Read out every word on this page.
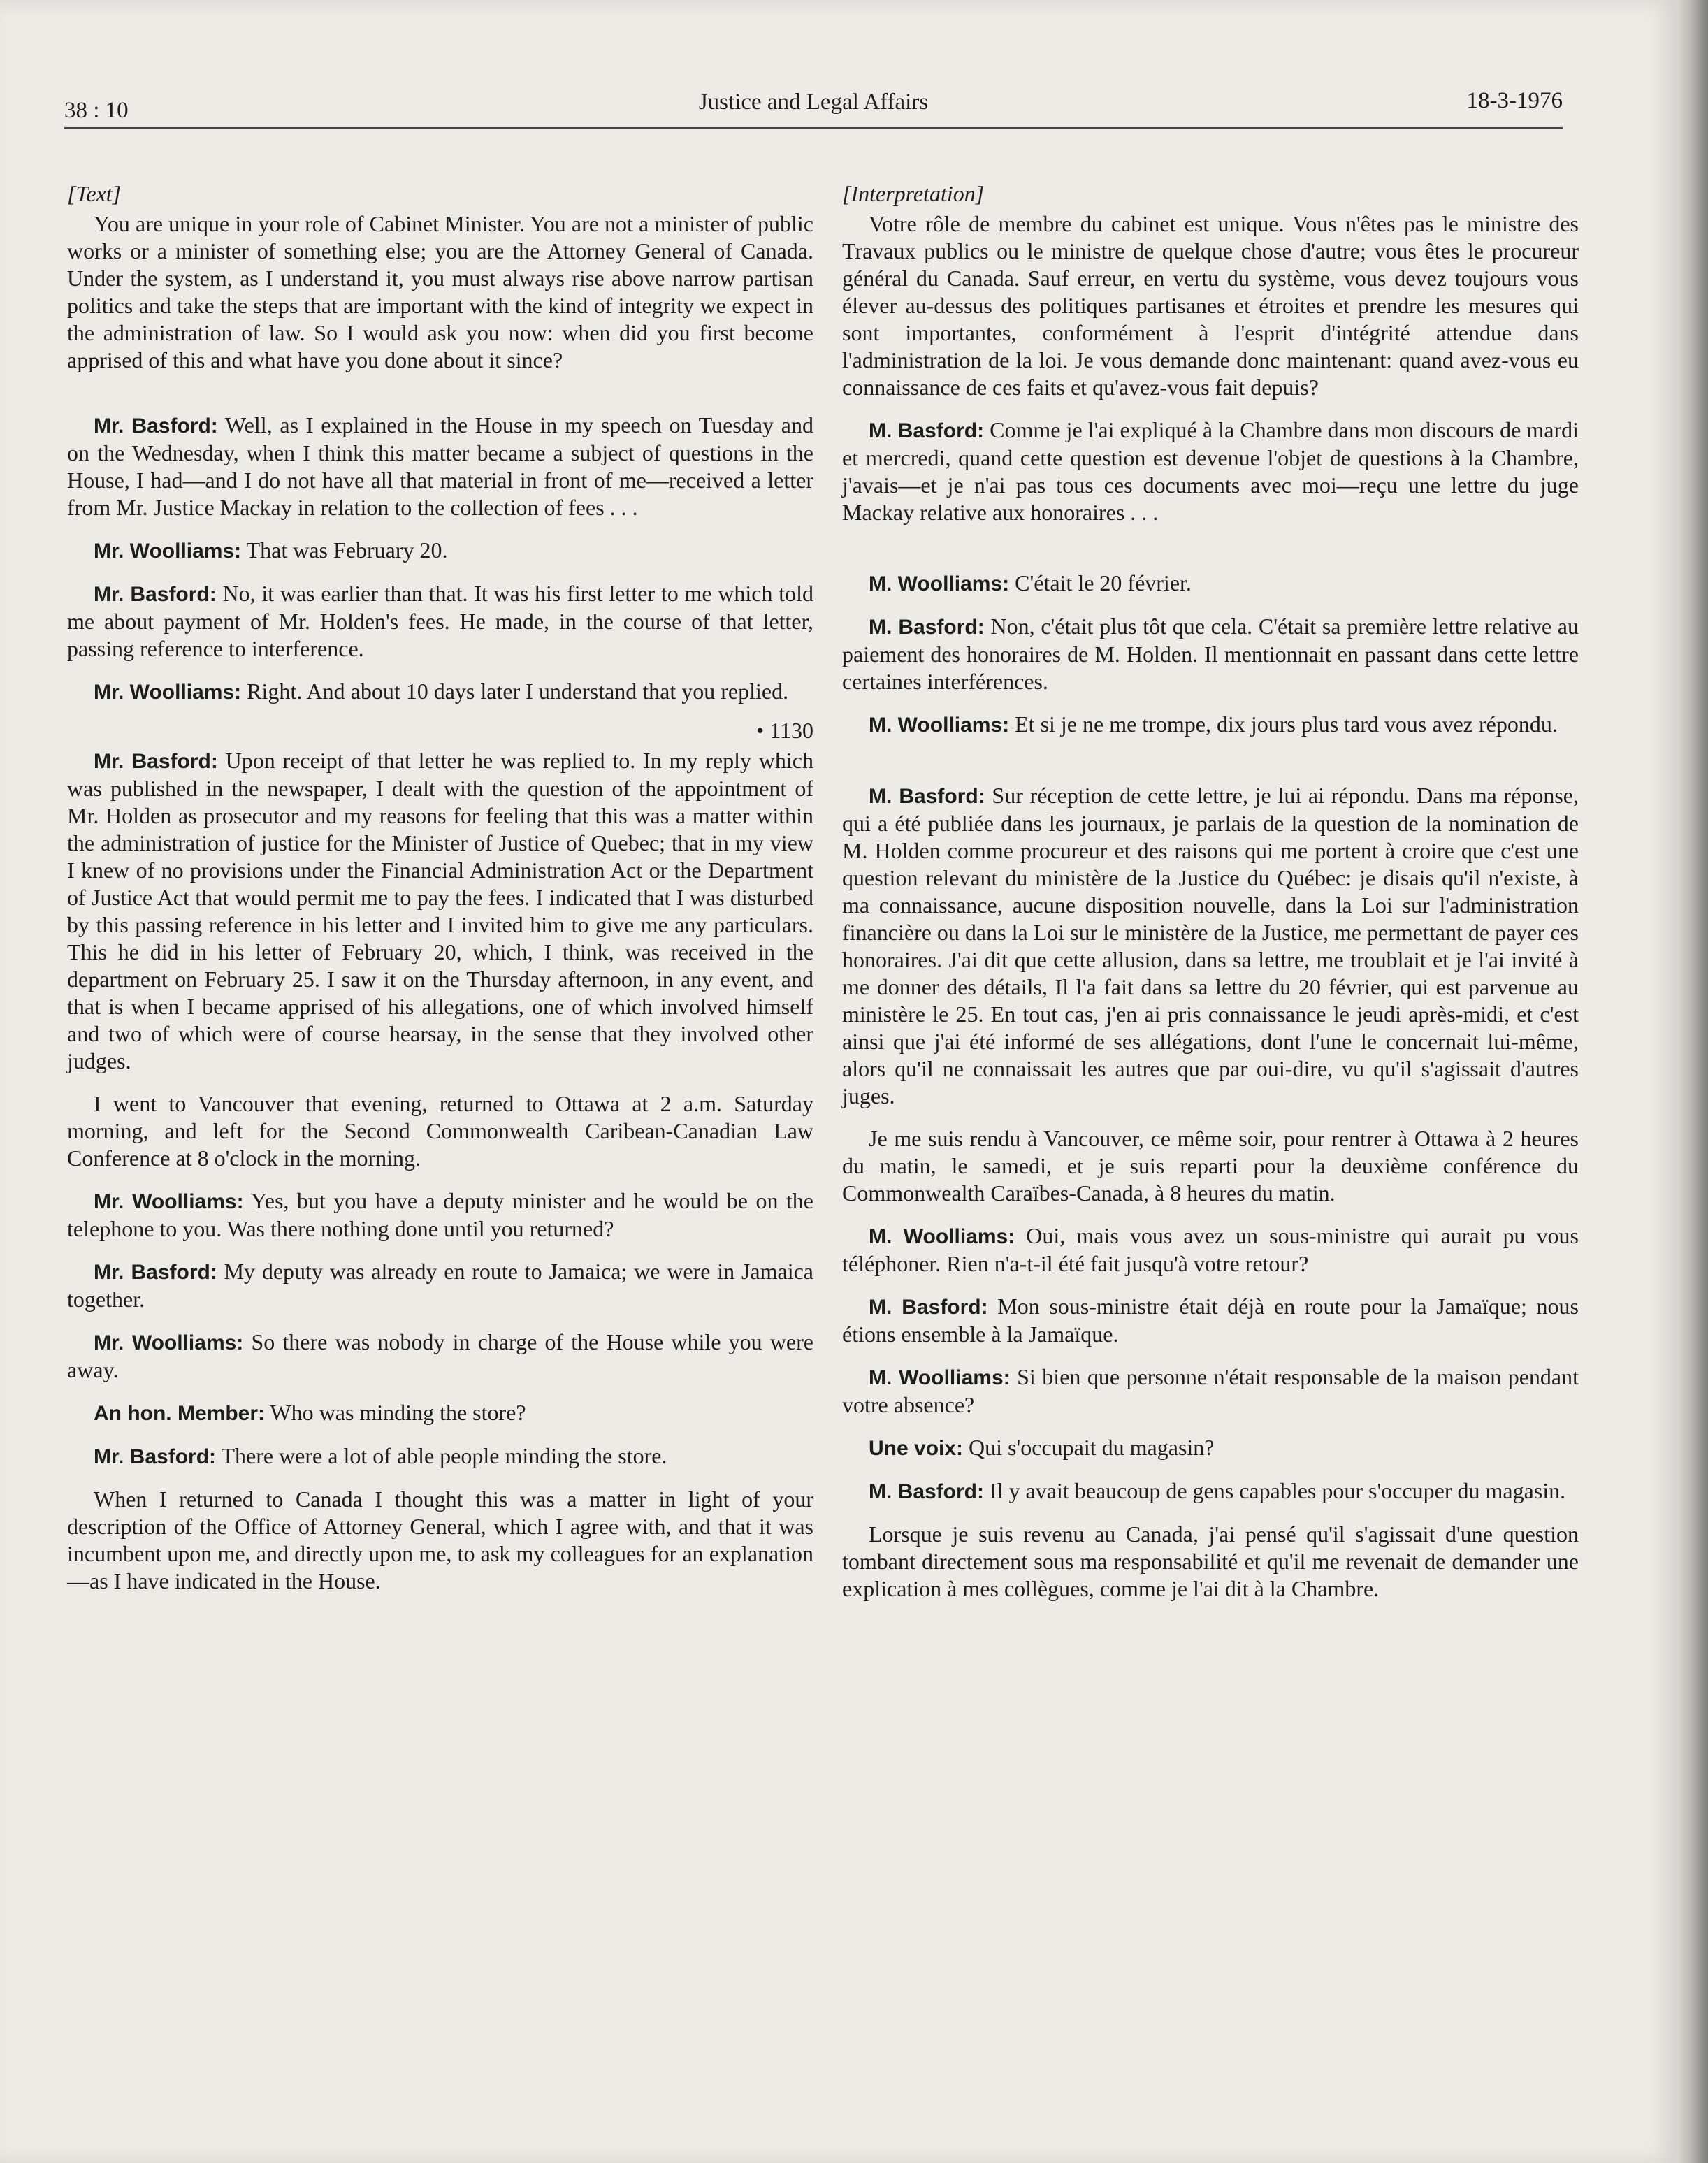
38 : 10	Justice and Legal Affairs	18-3-1976

[Text]

You are unique in your role of Cabinet Minister. You are not a minister of public works or a minister of something else; you are the Attorney General of Canada. Under the system, as I understand it, you must always rise above narrow partisan politics and take the steps that are important with the kind of integrity we expect in the administration of law. So I would ask you now: when did you first become apprised of this and what have you done about it since?

Mr. Basford: Well, as I explained in the House in my speech on Tuesday and on the Wednesday, when I think this matter became a subject of questions in the House, I had—and I do not have all that material in front of me—received a letter from Mr. Justice Mackay in relation to the collection of fees . . .

Mr. Woolliams: That was February 20.

Mr. Basford: No, it was earlier than that. It was his first letter to me which told me about payment of Mr. Holden's fees. He made, in the course of that letter, passing reference to interference.

Mr. Woolliams: Right. And about 10 days later I understand that you replied.

• 1130

Mr. Basford: Upon receipt of that letter he was replied to. In my reply which was published in the newspaper, I dealt with the question of the appointment of Mr. Holden as prosecutor and my reasons for feeling that this was a matter within the administration of justice for the Minister of Justice of Quebec; that in my view I knew of no provisions under the Financial Administration Act or the Department of Justice Act that would permit me to pay the fees. I indicated that I was disturbed by this passing reference in his letter and I invited him to give me any particulars. This he did in his letter of February 20, which, I think, was received in the department on February 25. I saw it on the Thursday afternoon, in any event, and that is when I became apprised of his allegations, one of which involved himself and two of which were of course hearsay, in the sense that they involved other judges.

I went to Vancouver that evening, returned to Ottawa at 2 a.m. Saturday morning, and left for the Second Commonwealth Caribean-Canadian Law Conference at 8 o'clock in the morning.

Mr. Woolliams: Yes, but you have a deputy minister and he would be on the telephone to you. Was there nothing done until you returned?

Mr. Basford: My deputy was already en route to Jamaica; we were in Jamaica together.

Mr. Woolliams: So there was nobody in charge of the House while you were away.

An hon. Member: Who was minding the store?

Mr. Basford: There were a lot of able people minding the store.

When I returned to Canada I thought this was a matter in light of your description of the Office of Attorney General, which I agree with, and that it was incumbent upon me, and directly upon me, to ask my colleagues for an explanation—as I have indicated in the House.

[Interpretation]

Votre rôle de membre du cabinet est unique. Vous n'êtes pas le ministre des Travaux publics ou le ministre de quelque chose d'autre; vous êtes le procureur général du Canada. Sauf erreur, en vertu du système, vous devez toujours vous élever au-dessus des politiques partisanes et étroites et prendre les mesures qui sont importantes, conformément à l'esprit d'intégrité attendue dans l'administration de la loi. Je vous demande donc maintenant: quand avez-vous eu connaissance de ces faits et qu'avez-vous fait depuis?

M. Basford: Comme je l'ai expliqué à la Chambre dans mon discours de mardi et mercredi, quand cette question est devenue l'objet de questions à la Chambre, j'avais—et je n'ai pas tous ces documents avec moi—reçu une lettre du juge Mackay relative aux honoraires . . .

M. Woolliams: C'était le 20 février.

M. Basford: Non, c'était plus tôt que cela. C'était sa première lettre relative au paiement des honoraires de M. Holden. Il mentionnait en passant dans cette lettre certaines interférences.

M. Woolliams: Et si je ne me trompe, dix jours plus tard vous avez répondu.

M. Basford: Sur réception de cette lettre, je lui ai répondu. Dans ma réponse, qui a été publiée dans les journaux, je parlais de la question de la nomination de M. Holden comme procureur et des raisons qui me portent à croire que c'est une question relevant du ministère de la Justice du Québec: je disais qu'il n'existe, à ma connaissance, aucune disposition nouvelle, dans la Loi sur l'administration financière ou dans la Loi sur le ministère de la Justice, me permettant de payer ces honoraires. J'ai dit que cette allusion, dans sa lettre, me troublait et je l'ai invité à me donner des détails, Il l'a fait dans sa lettre du 20 février, qui est parvenue au ministère le 25. En tout cas, j'en ai pris connaissance le jeudi après-midi, et c'est ainsi que j'ai été informé de ses allégations, dont l'une le concernait lui-même, alors qu'il ne connaissait les autres que par oui-dire, vu qu'il s'agissait d'autres juges.

Je me suis rendu à Vancouver, ce même soir, pour rentrer à Ottawa à 2 heures du matin, le samedi, et je suis reparti pour la deuxième conférence du Commonwealth Caraïbes-Canada, à 8 heures du matin.

M. Woolliams: Oui, mais vous avez un sous-ministre qui aurait pu vous téléphoner. Rien n'a-t-il été fait jusqu'à votre retour?

M. Basford: Mon sous-ministre était déjà en route pour la Jamaïque; nous étions ensemble à la Jamaïque.

M. Woolliams: Si bien que personne n'était responsable de la maison pendant votre absence?

Une voix: Qui s'occupait du magasin?

M. Basford: Il y avait beaucoup de gens capables pour s'occuper du magasin.

Lorsque je suis revenu au Canada, j'ai pensé qu'il s'agissait d'une question tombant directement sous ma responsabilité et qu'il me revenait de demander une explication à mes collègues, comme je l'ai dit à la Chambre.
